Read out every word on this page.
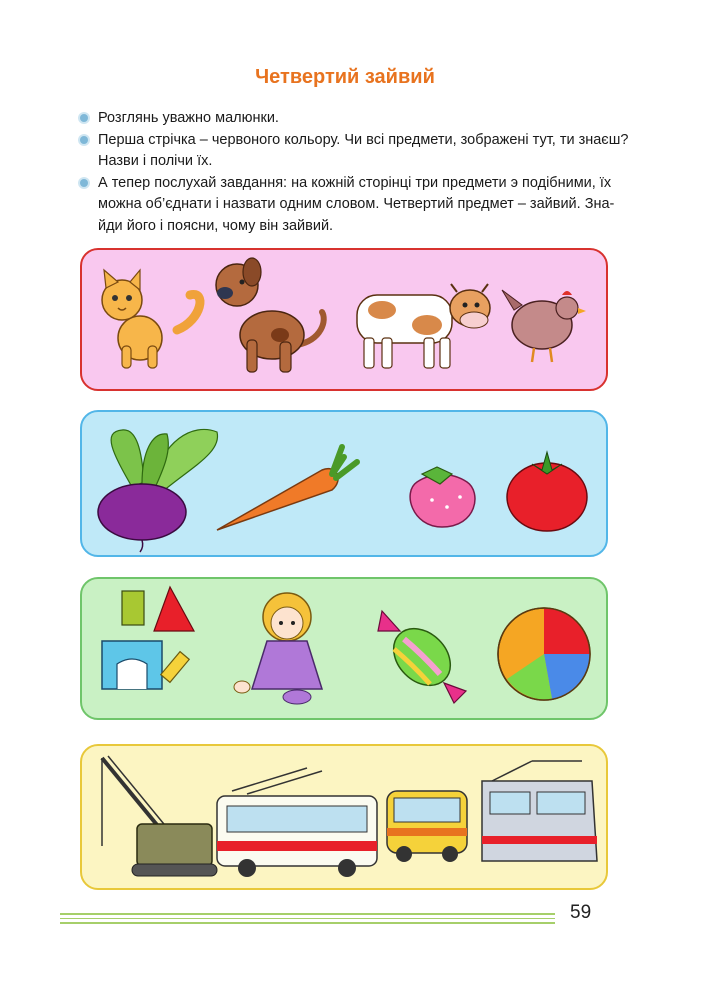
Четвертий зайвий
Розглянь уважно малюнки.
Перша стрічка – червоного кольору. Чи всі предмети, зображені тут, ти знаєш?
Назви і полічи їх.
А тепер послухай завдання: на кожній сторінці три предмети э подібними, їх
можна об’єднати і назвати одним словом. Четвертий предмет – зайвий. Зна-
йди його і поясни, чому він зайвий.
59
